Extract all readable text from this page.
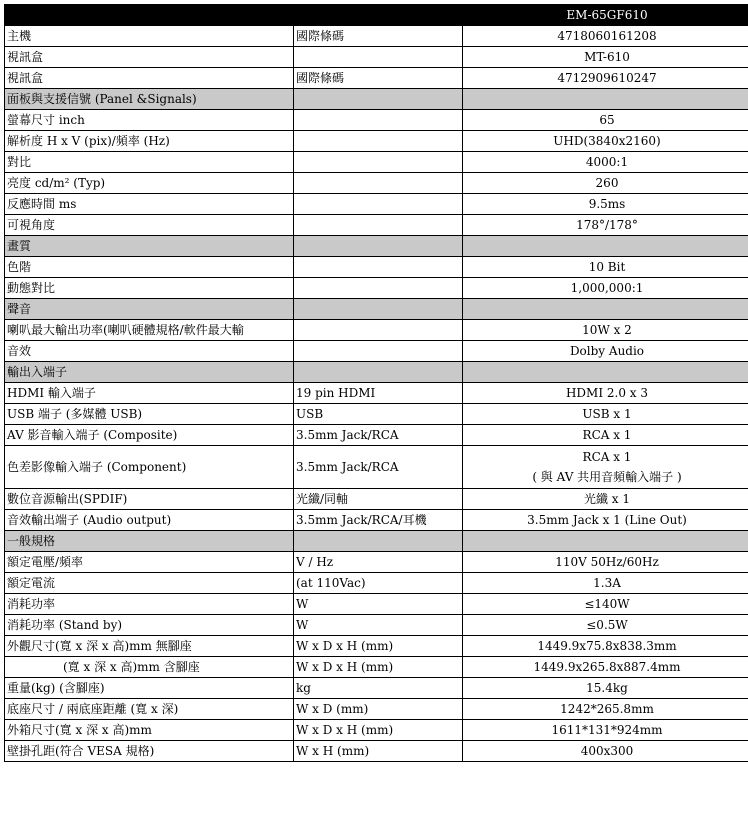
		EM-65GF610
主機	國際條碼	4718060161208
視訊盒		MT-610
視訊盒	國際條碼	4712909610247
面板與支援信號 (Panel &Signals)		
螢幕尺寸 inch		65
解析度 H x V (pix)/頻率 (Hz)		UHD(3840x2160)
對比		4000:1
亮度 cd/m² (Typ)		260
反應時間 ms		9.5ms
可視角度		178°/178°
畫質		
色階		10 Bit
動態對比		1,000,000:1
聲音		
喇叭最大輸出功率(喇叭硬體規格/軟件最大輸		10W x 2
音效		Dolby Audio
輸出入端子		
HDMI 輸入端子	19 pin HDMI	HDMI 2.0 x 3
USB 端子 (多媒體 USB)	USB	USB x 1
AV 影音輸入端子 (Composite)	3.5mm Jack/RCA	RCA x 1
色差影像輸入端子 (Component)	3.5mm Jack/RCA	RCA x 1
( 與 AV 共用音頻輸入端子 )

數位音源輸出(SPDIF)	光纖/同軸	光纖 x 1
音效輸出端子 (Audio output)	3.5mm Jack/RCA/耳機	3.5mm Jack x 1 (Line Out)
一般規格		
額定電壓/頻率	V / Hz	110V 50Hz/60Hz
額定電流	(at 110Vac)	1.3A
消耗功率	W	≤140W
消耗功率 (Stand by)	W	≤0.5W
外觀尺寸(寬 x 深 x 高)mm 無腳座	W x D x H (mm)	1449.9x75.8x838.3mm
(寬 x 深 x 高)mm 含腳座	W x D x H (mm)	1449.9x265.8x887.4mm
重量(kg) (含腳座)	kg	15.4kg
底座尺寸 / 兩底座距離 (寬 x 深)	W x D (mm)	1242*265.8mm
外箱尺寸(寬 x 深 x 高)mm	W x D x H (mm)	1611*131*924mm
壁掛孔距(符合 VESA 規格)	W x H (mm)	400x300
